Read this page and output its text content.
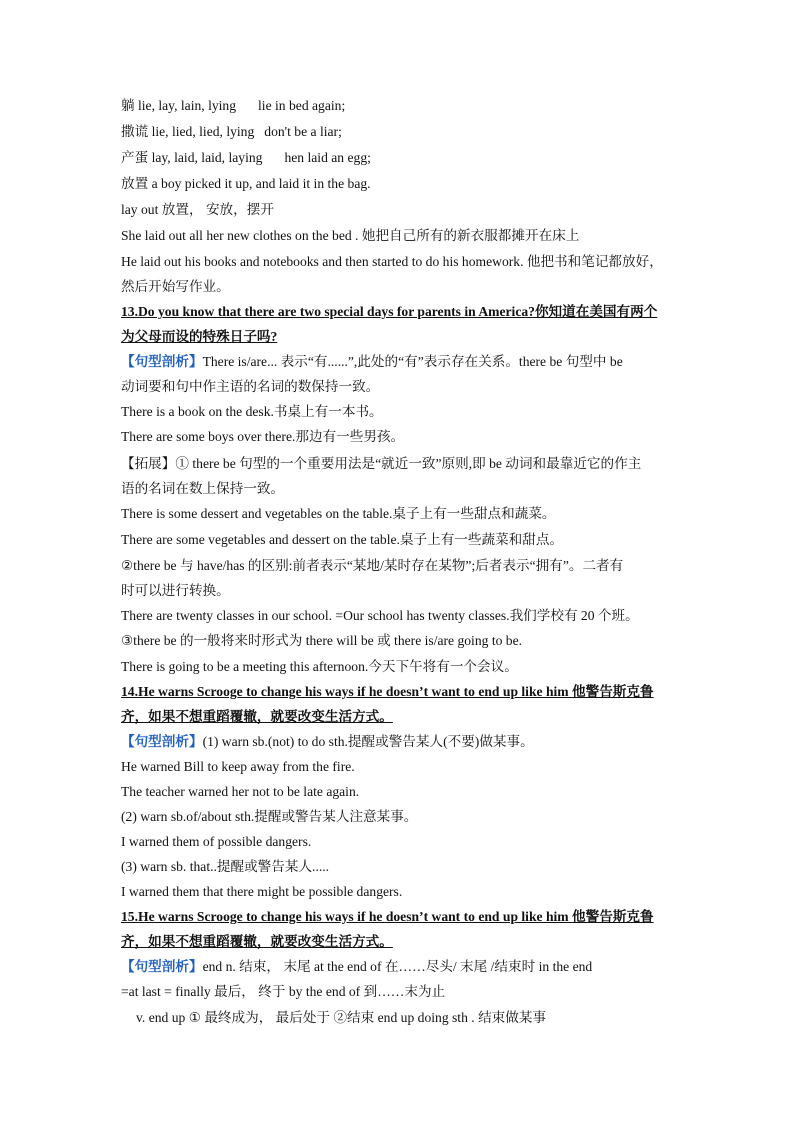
躺 lie, lay, lain, lying lie in bed again;
撒谎 lie, lied, lied, lying don't be a liar;
产蛋 lay, laid, laid, laying hen laid an egg;
放置 a boy picked it up, and laid it in the bag.
lay out 放置， 安放，摆开
She laid out all her new clothes on the bed . 她把自己所有的新衣服都摊开在床上
He laid out his books and notebooks and then started to do his homework. 他把书和笔记都放好，
然后开始写作业。
13.Do you know that there are two special days for parents in America?你知道在美国有两个
为父母而设的特殊日子吗?
【句型剖析】There is/are... 表示“有......”,此处的“有”表示存在关系。there be 句型中 be
动词要和句中作主语的名词的数保持一致。
There is a book on the desk.书桌上有一本书。
There are some boys over there.那边有一些男孩。
【拓展】① there be 句型的一个重要用法是“就近一致”原则,即 be 动词和最靠近它的作主
语的名词在数上保持一致。
There is some dessert and vegetables on the table.桌子上有一些甜点和蔬菜。
There are some vegetables and dessert on the table.桌子上有一些蔬菜和甜点。
②there be 与 have/has 的区别:前者表示“某地/某时存在某物”;后者表示“拥有”。二者有
时可以进行转换。
There are twenty classes in our school. =Our school has twenty classes.我们学校有 20 个班。
③there be 的一般将来时形式为 there will be 或 there is/are going to be.
There is going to be a meeting this afternoon.今天下午将有一个会议。
14.He warns Scrooge to change his ways if he doesn’t want to end up like him 他警告斯克鲁
齐，如果不想重蹈覆辙，就要改变生活方式。
【句型剖析】(1) warn sb.(not) to do sth.提醒或警告某人(不要)做某事。
He warned Bill to keep away from the fire.
The teacher warned her not to be late again.
(2) warn sb.of/about sth.提醒或警告某人注意某事。
I warned them of possible dangers.
(3) warn sb. that..提醒或警告某人.....
I warned them that there might be possible dangers.
15.He warns Scrooge to change his ways if he doesn’t want to end up like him 他警告斯克鲁
齐，如果不想重蹈覆辙，就要改变生活方式。
【句型剖析】end n. 结束， 末尾 at the end of 在……尽头/ 末尾 /结束时 in the end
=at last = finally 最后， 终于 by the end of 到……末为止
v. end up ① 最终成为， 最后处于 ②结束 end up doing sth . 结束做某事
